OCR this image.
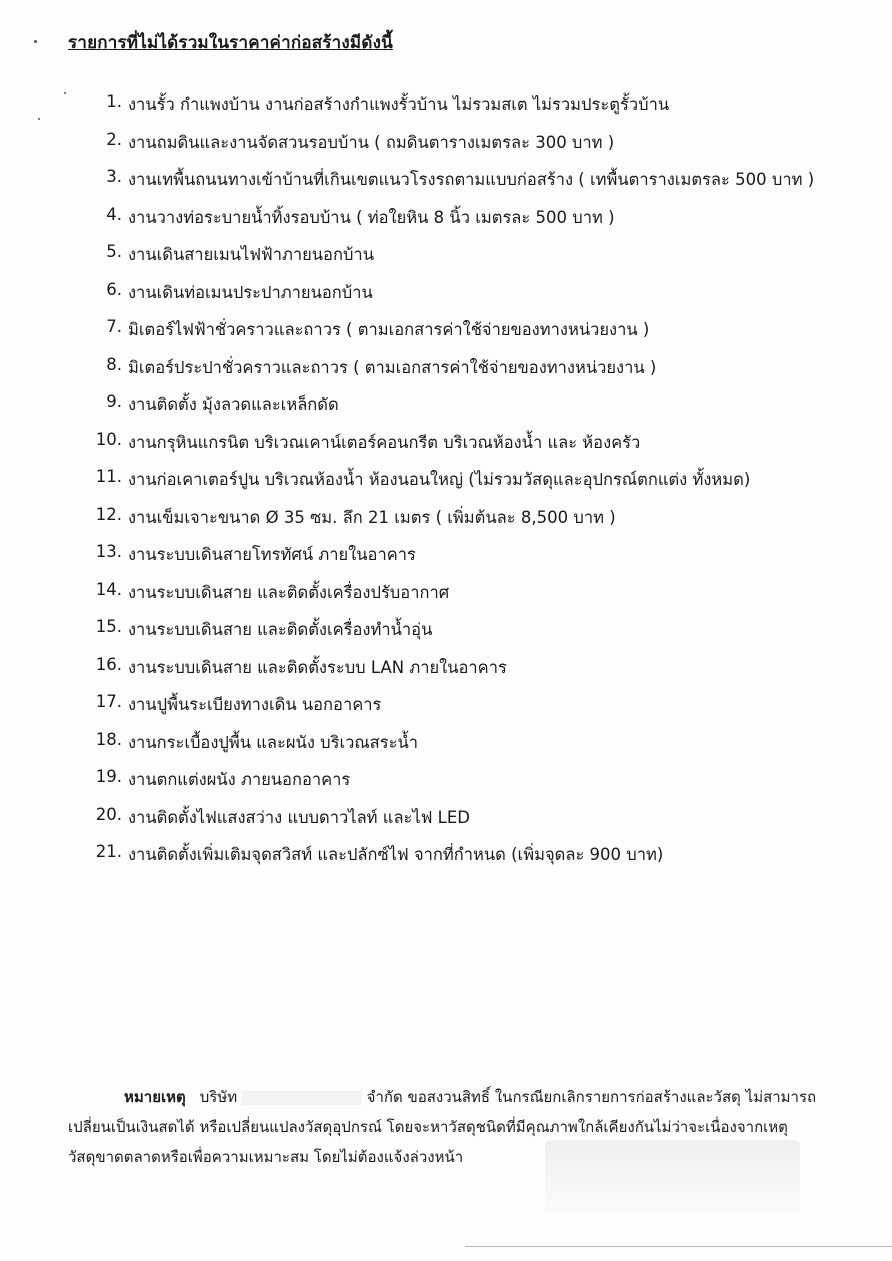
รายการที่ไม่ได้รวมในราคาค่าก่อสร้างมีดังนี้
1. งานรั้ว กำแพงบ้าน งานก่อสร้างกำแพงรั้วบ้าน ไม่รวมสเต ไม่รวมประตูรั้วบ้าน
2. งานถมดินและงานจัดสวนรอบบ้าน ( ถมดินตารางเมตรละ 300 บาท )
3. งานเทพื้นถนนทางเข้าบ้านที่เกินเขตแนวโรงรถตามแบบก่อสร้าง ( เทพื้นตารางเมตรละ 500 บาท )
4. งานวางท่อระบายน้ำทิ้งรอบบ้าน ( ท่อใยหิน 8 นิ้ว เมตรละ 500 บาท )
5. งานเดินสายเมนไฟฟ้าภายนอกบ้าน
6. งานเดินท่อเมนประปาภายนอกบ้าน
7. มิเตอร์ไฟฟ้าชั่วคราวและถาวร ( ตามเอกสารค่าใช้จ่ายของทางหน่วยงาน )
8. มิเตอร์ประปาชั่วคราวและถาวร ( ตามเอกสารค่าใช้จ่ายของทางหน่วยงาน )
9. งานติดตั้ง มุ้งลวดและเหล็กดัด
10. งานกรุหินแกรนิต บริเวณเคาน์เตอร์คอนกรีต บริเวณห้องน้ำ และ ห้องครัว
11. งานก่อเคาเตอร์ปูน บริเวณห้องน้ำ ห้องนอนใหญ่ (ไม่รวมวัสดุและอุปกรณ์ตกแต่ง ทั้งหมด)
12. งานเข็มเจาะขนาด Ø 35 ซม. ลึก 21 เมตร ( เพิ่มต้นละ 8,500 บาท )
13. งานระบบเดินสายโทรทัศน์ ภายในอาคาร
14. งานระบบเดินสาย และติดตั้งเครื่องปรับอากาศ
15. งานระบบเดินสาย และติดตั้งเครื่องทำน้ำอุ่น
16. งานระบบเดินสาย และติดตั้งระบบ LAN ภายในอาคาร
17. งานปูพื้นระเบียงทางเดิน นอกอาคาร
18. งานกระเบื้องปูพื้น และผนัง บริเวณสระน้ำ
19. งานตกแต่งผนัง ภายนอกอาคาร
20. งานติดตั้งไฟแสงสว่าง แบบดาวไลท์ และไฟ LED
21. งานติดตั้งเพิ่มเติมจุดสวิสท์ และปลักซ์ไฟ จากที่กำหนด (เพิ่มจุดละ 900 บาท)
หมายเหตุ บริษัท	จำกัด ขอสงวนสิทธิ์ ในกรณียกเลิกรายการก่อสร้างและวัสดุ ไม่สามารถ
เปลี่ยนเป็นเงินสดได้ หรือเปลี่ยนแปลงวัสดุอุปกรณ์ โดยจะหาวัสดุชนิดที่มีคุณภาพใกล้เคียงกันไม่ว่าจะเนื่องจากเหตุ
วัสดุขาดตลาดหรือเพื่อความเหมาะสม โดยไม่ต้องแจ้งล่วงหน้า
